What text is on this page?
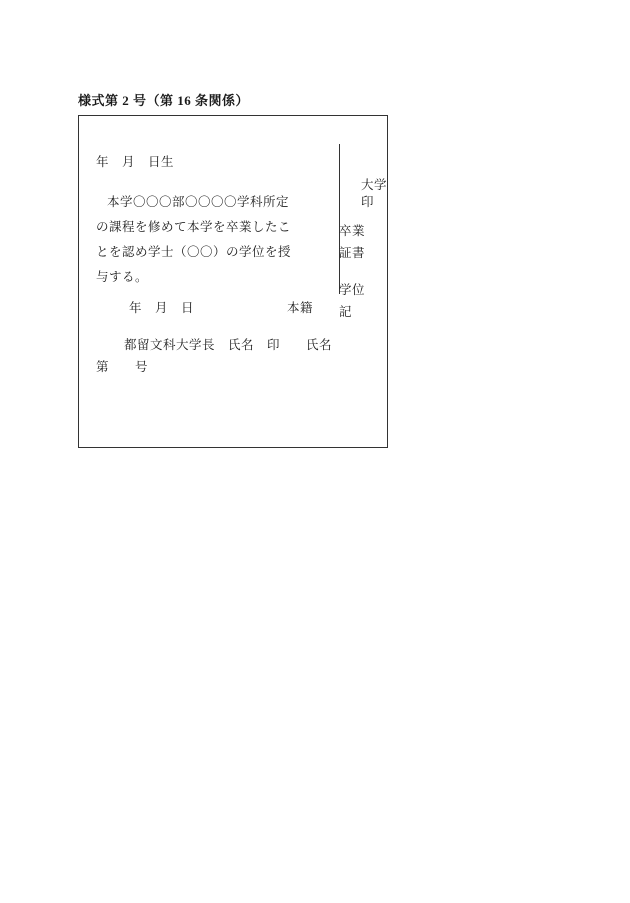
様式第 2 号（第 16 条関係）
年　月　日生
本学〇〇〇部〇〇〇〇学科所定
の課程を修めて本学を卒業したこ
とを認め学士（〇〇）の学位を授
与する。
年　月　日	本籍
都留文科大学長　氏名　印　　氏名
第　　号
大学
印
卒業
証書
学位
記
